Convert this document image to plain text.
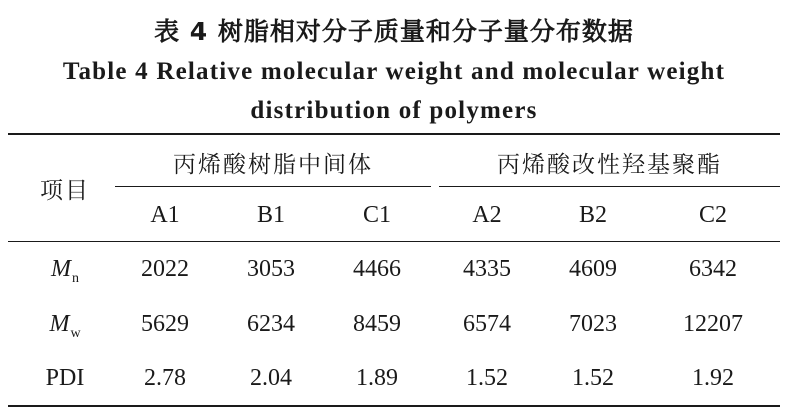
表 4 树脂相对分子质量和分子量分布数据
Table 4 Relative molecular weight and molecular weight
distribution of polymers
项目
丙烯酸树脂中间体	丙烯酸改性羟基聚酯
A1	B1	C1	A2	B2	C2
$M_n$	2022	3053	4466	4335	4609	6342
$M_w$	5629	6234	8459	6574	7023	12207
PDI	2.78	2.04	1.89	1.52	1.52	1.92
